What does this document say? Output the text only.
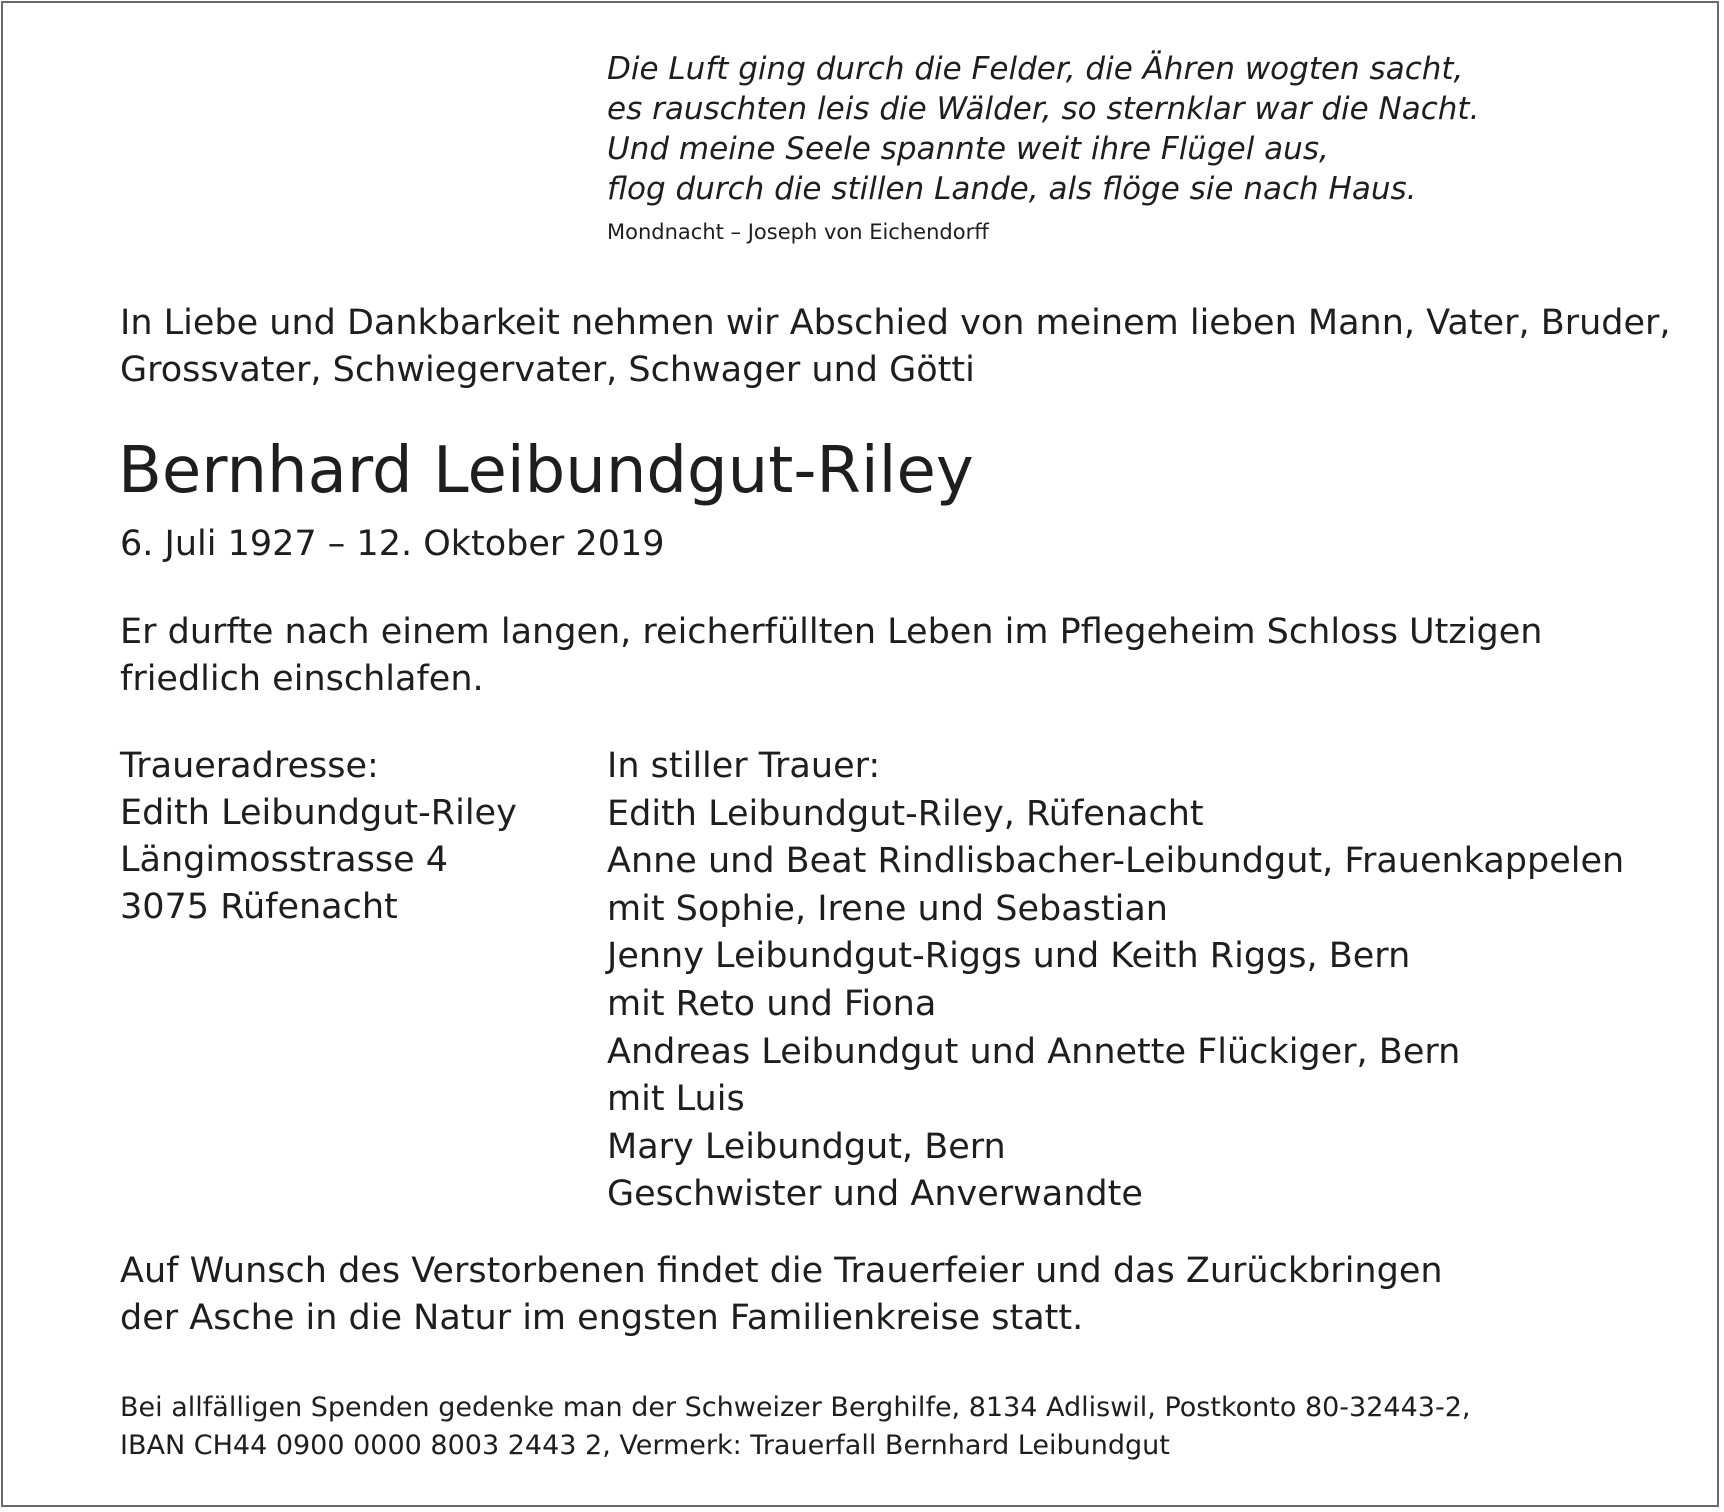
Die Luft ging durch die Felder, die Ähren wogten sacht,
es rauschten leis die Wälder, so sternklar war die Nacht.
Und meine Seele spannte weit ihre Flügel aus,
flog durch die stillen Lande, als flöge sie nach Haus.
Mondnacht – Joseph von Eichendorff
In Liebe und Dankbarkeit nehmen wir Abschied von meinem lieben Mann, Vater, Bruder,
Grossvater, Schwiegervater, Schwager und Götti
Bernhard Leibundgut-Riley
6. Juli 1927 – 12. Oktober 2019
Er durfte nach einem langen, reicherfüllten Leben im Pflegeheim Schloss Utzigen
friedlich einschlafen.
Traueradresse:
Edith Leibundgut-Riley
Längimosstrasse 4
3075 Rüfenacht
In stiller Trauer:
Edith Leibundgut-Riley, Rüfenacht
Anne und Beat Rindlisbacher-Leibundgut, Frauenkappelen
mit Sophie, Irene und Sebastian
Jenny Leibundgut-Riggs und Keith Riggs, Bern
mit Reto und Fiona
Andreas Leibundgut und Annette Flückiger, Bern
mit Luis
Mary Leibundgut, Bern
Geschwister und Anverwandte
Auf Wunsch des Verstorbenen findet die Trauerfeier und das Zurückbringen
der Asche in die Natur im engsten Familienkreise statt.
Bei allfälligen Spenden gedenke man der Schweizer Berghilfe, 8134 Adliswil, Postkonto 80-32443-2,
IBAN CH44 0900 0000 8003 2443 2, Vermerk: Trauerfall Bernhard Leibundgut
